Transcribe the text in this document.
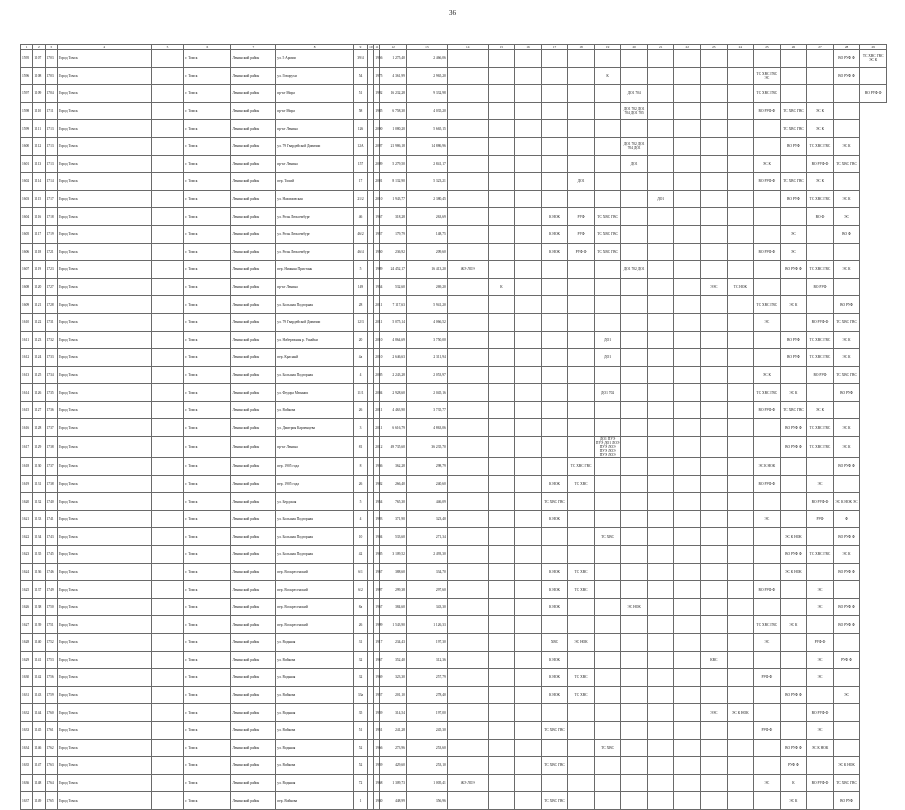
36
1	2	3	4	5	6	7	8	9	10	11	12	13	14	15	16	17	18	19	20	21	22	23	24	25	26	27	28	29
1595	1107	1703	Город Томск		г. Томск	Ленинский район	ул. 5 Армии	39/4		1956	1 275,40	2 466,06															ВО РУФ Ф	ТС ХВС ГВС ЭС К
1596	1108	1703	Город Томск		г. Томск	Ленинский район	ул. Говорухи	54		1975	4 361,99	2 965,20						К						ТС ХВС ГВС ЭС			ВО РУФ Ф	
1597	1109	1704	Город Томск		г. Томск	Ленинский район	пр-кт Мира	51		1992	16 232,28	9 332,98							ДО1 704					ТС ХВС ГВС				ВО РУФ Ф
1598	1110	1711	Город Томск		г. Томск	Ленинский район	пр-кт Мира	58		1985	6 758,30	4 035,20							ДО1 702 ДО1 704 ДО1 705					ВО РУФ Ф	ТС ХВС ГВС	ЭС К		
1599	1111	1713	Город Томск		г. Томск	Ленинский район	пр-кт Ленина	126		2000	1 080,20	5 665,15													ТС ХВС ГВС	ЭС К		
1600	1112	1713	Город Томск		г. Томск	Ленинский район	ул. 79 Гвардейской Дивизии	12А		2007	21 986,18	14 886,96							ДО1 702 ДО1 704 ДО1						ВО РУФ	ТС ХВС ГВС	ЭС К	
1601	1113	1713	Город Томск		г. Томск	Ленинский район	пр-кт Ленина	157		2009	5 279,50	2 841,17							ДО1					ЭС К		ВО РУФ Ф	ТС ХВС ГВС	
1602	1114	1714	Город Томск		г. Томск	Ленинский район	пер. Тихий	17		2001	8 132,90	5 323,21					ДО1							ВО РУФ Ф	ТС ХВС ГВС	ЭС К		
1603	1115	1717	Город Томск		г. Томск	Ленинский район	ул. Нахимовская	21/2		2010	1 943,77	2 380,45								ДО1					ВО РУФ	ТС ХВС ГВС	ЭС К	
1604	1116	1718	Город Томск		г. Томск	Ленинский район	ул. Розы Люксембург	46		1967	318,28	263,69				К НОК	РУФ	ТС ХВС ГВС								ВО Ф	ЭС	
1605	1117	1719	Город Томск		г. Томск	Ленинский район	ул. Розы Люксембург	46/2		1957	179,79	148,75				К НОК	РУФ	ТС ХВС ГВС							ЭС		ВО Ф	
1606	1118	1721	Город Томск		г. Томск	Ленинский район	ул. Розы Люксембург	46/4		1950	236,92	209,60				К НОК	РУФ Ф	ТС ХВС ГВС						ВО РУФ Ф	ЭС			
1607	1119	1723	Город Томск		г. Томск	Ленинский район	пер. Нижняя Пристань	5		1989	24 452,17	16 413,20	ЖЭ ЛОЭ						ДО1 702 ДО1						ВО РУФ Ф	ТС ХВС ГВС	ЭС К	
1608	1120	1727	Город Томск		г. Томск	Ленинский район	пр-кт Ленина	149		1954	532,60	269,20		К								ЭЭС	ТС НОК			ВО РУФ		
1609	1121	1728	Город Томск		г. Томск	Ленинский район	ул. Большая Подгорная	28		2011	7 117,63	5 941,20												ТС ХВС ГВС	ЭС К		ВО РУФ	
1610	1122	1731	Город Томск		г. Томск	Ленинский район	ул. 79 Гвардейской Дивизии	12/3		2011	5 075,14	4 066,52												ЭС		ВО РУФ Ф	ТС ХВС ГВС	
1611	1123	1732	Город Томск		г. Томск	Ленинский район	ул. Набережная р. Ушайки	20		2010	4 864,69	3 750,00						ДО1							ВО РУФ	ТС ХВС ГВС	ЭС К	
1612	1124	1733	Город Томск		г. Томск	Ленинский район	пер. Красный	4а		2010	2 646,63	2 311,94						ДО1							ВО РУФ	ТС ХВС ГВС	ЭС К	
1613	1125	1734	Город Томск		г. Томск	Ленинский район	ул. Большая Подгорная	4		2005	2 243,28	2 053,97												ЭС К		ВО РУФ	ТС ХВС ГВС	
1614	1126	1735	Город Томск		г. Томск	Ленинский район	ул. Федора Мюнних	11/1		2004	2 928,60	2 045,16						ДО1 702						ТС ХВС ГВС	ЭС К		ВО РУФ	
1615	1127	1736	Город Томск		г. Томск	Ленинский район	ул. Войкова	26		2011	4 463,90	3 735,77												ВО РУФ Ф	ТС ХВС ГВС	ЭС К		
1616	1128	1737	Город Томск		г. Томск	Ленинский район	ул. Дмитрия Карпенцева	3		2011	6 616,79	4 863,06													ВО РУФ Ф	ТС ХВС ГВС	ЭС К	
1617	1129	1738	Город Томск		г. Томск	Ленинский район	пр-кт Ленина	81		2012	49 735,60	36 235,70						ДО1 ПУЭ ПУЭ ДО1 ЛОЭ ПУЭ ЛОЭ ПУЭ ЛОЭ ПУЭ ЛОЭ							ВО РУФ Ф	ТС ХВС ГВС	ЭС К	
1618	1130	1737	Город Томск		г. Томск	Ленинский район	пер. 1905 года	8		1936	362,28	298,79					ТС ХВС ГВС							ЭС К НОК			ВО РУФ Ф	
1619	1131	1738	Город Томск		г. Томск	Ленинский район	пер. 1905 года	26		1902	266,40	240,60				К НОК	ТС ХВС							ВО РУФ Ф		ЭС		
1620	1132	1740	Город Томск		г. Томск	Ленинский район	ул. Бердская	5		1954	765,30	446,09				ТС ХВС ГВС										ВО РУФ Ф	ЭС К НОК ЭС	
1621	1133	1741	Город Томск		г. Томск	Ленинский район	ул. Большая Подгорная	4		1993	371,90	323,40				К НОК								ЭС		РУФ	Ф	
1622	1134	1743	Город Томск		г. Томск	Ленинский район	ул. Большая Подгорная	10		1904	533,60	271,34						ТС ХВС							ЭС К НОК		ВО РУФ Ф	
1623	1135	1745	Город Томск		г. Томск	Ленинский район	ул. Большая Подгорная	42		1905	3 109,52	2 493,30													ВО РУФ Ф	ТС ХВС ГВС	ЭС К	
1624	1136	1746	Город Томск		г. Томск	Ленинский район	пер. Воскресенский	6/1		1967	388,60	334,70				К НОК	ТС ХВС								ЭС К НОК		ВО РУФ Ф	
1625	1137	1749	Город Томск		г. Томск	Ленинский район	пер. Воскресенский	6/2		1997	299,38	297,60				К НОК	ТС ХВС							ВО РУФ Ф		ЭС		
1626	1138	1750	Город Томск		г. Томск	Ленинский район	пер. Воскресенский	8а		1967	384,60	343,30				К НОК			ЭС НОК							ЭС	ВО РУФ Ф	
1627	1139	1751	Город Томск		г. Томск	Ленинский район	пер. Воскресенский	26		1999	1 543,90	1 126,33												ТС ХВС ГВС	ЭС К		ВО РУФ Ф	
1628	1140	1752	Город Томск		г. Томск	Ленинский район	ул. Водяная	31		1917	234,43	197,30				ХВС	ЭС НОК							ЭС		РУФ Ф		
1629	1141	1753	Город Томск		г. Томск	Ленинский район	ул. Войкова	32		1967	352,40	312,36				К НОК						КВС				ЭС	РУФ Ф	
1630	1142	1756	Город Томск		г. Томск	Ленинский район	ул. Водяная	32		1969	323,30	257,79				К НОК	ТС ХВС							РУФ Ф		ЭС		
1631	1143	1759	Город Томск		г. Томск	Ленинский район	ул. Войкова	33а		1957	201,10	278,40				К НОК	ТС ХВС								ВО РУФ Ф		ЭС	
1632	1144	1760	Город Томск		г. Томск	Ленинский район	ул. Водяная	35		1959	314,54	197,00										ЭЭС	ЭС К НОК			ВО РУФ Ф		
1633	1145	1761	Город Томск		г. Томск	Ленинский район	ул. Войкова	51		1951	241,28	245,30				ТС ХВС ГВС								РУФ Ф		ЭС		
1634	1146	1762	Город Томск		г. Томск	Ленинский район	ул. Водяная	52		1966	273,96	253,60						ТС ХВС							ВО РУФ Ф	ЭС К НОК		
1635	1147	1763	Город Томск		г. Томск	Ленинский район	ул. Войкова	52		1959	429,60	253,10				ТС ХВС ГВС									РУФ Ф		ЭС К НОК	
1636	1148	1764	Город Томск		г. Томск	Ленинский район	ул. Водяная	72		1968	1 309,73	1 005,41	ЖЭ ЛОЭ											ЭС	К	ВО РУФ Ф	ТС ХВС ГВС	
1637	1149	1765	Город Томск		г. Томск	Ленинский район	пер. Войкова	1		1930	448,99	356,96				ТС ХВС ГВС									ЭС К		ВО РУФ	
